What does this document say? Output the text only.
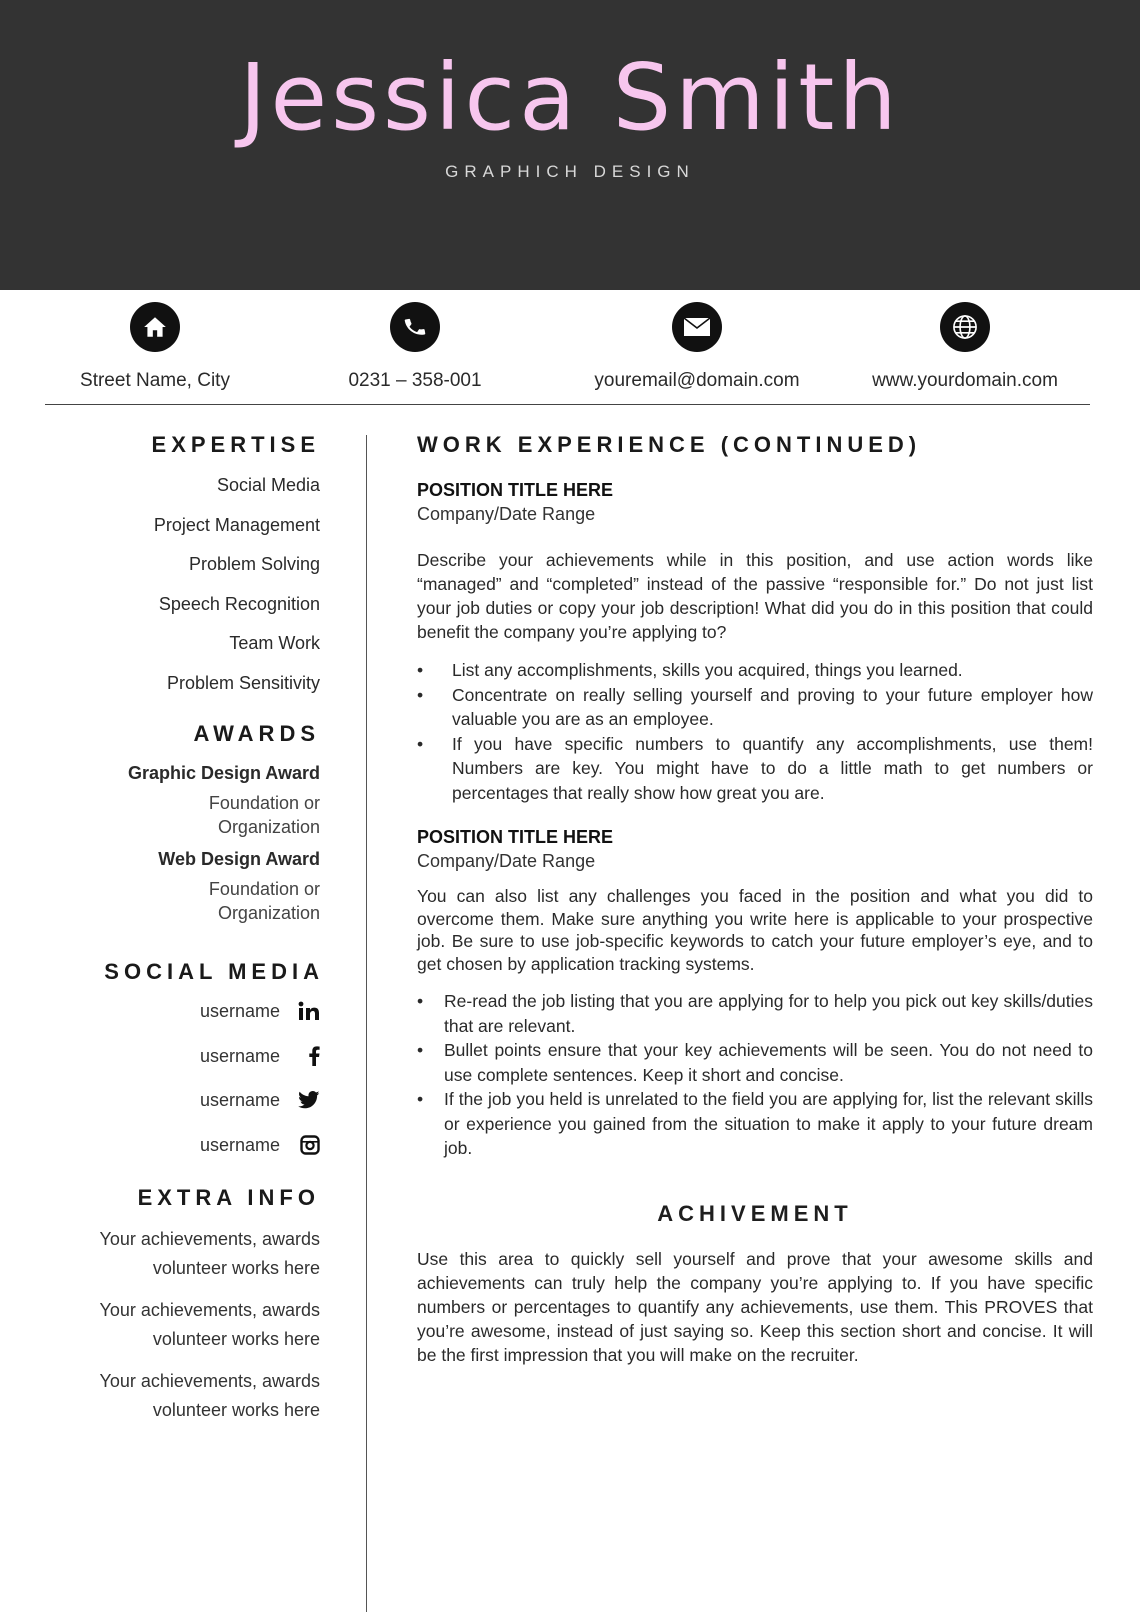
Jessica Smith
GRAPHICH DESIGN
Street Name, City	0231 – 358-001	youremail@domain.com	www.yourdomain.com
EXPERTISE
Social Media
Project Management
Problem Solving
Speech Recognition
Team Work
Problem Sensitivity
AWARDS
Graphic Design Award
Foundation or Organization
Web Design Award
Foundation or Organization
SOCIAL MEDIA
username
username
username
username
EXTRA INFO
Your achievements, awards volunteer works here
Your achievements, awards volunteer works here
Your achievements, awards volunteer works here
WORK EXPERIENCE (CONTINUED)
POSITION TITLE HERE
Company/Date Range
Describe your achievements while in this position, and use action words like “managed” and “completed” instead of the passive “responsible for.” Do not just list your job duties or copy your job description! What did you do in this position that could benefit the company you’re applying to?
• List any accomplishments, skills you acquired, things you learned.
• Concentrate on really selling yourself and proving to your future employer how valuable you are as an employee.
• If you have specific numbers to quantify any accomplishments, use them! Numbers are key. You might have to do a little math to get numbers or percentages that really show how great you are.
POSITION TITLE HERE
Company/Date Range
You can also list any challenges you faced in the position and what you did to overcome them. Make sure anything you write here is applicable to your prospective job. Be sure to use job-specific keywords to catch your future employer’s eye, and to get chosen by application tracking systems.
• Re-read the job listing that you are applying for to help you pick out key skills/duties that are relevant.
• Bullet points ensure that your key achievements will be seen. You do not need to use complete sentences. Keep it short and concise.
• If the job you held is unrelated to the field you are applying for, list the relevant skills or experience you gained from the situation to make it apply to your future dream job.
ACHIVEMENT
Use this area to quickly sell yourself and prove that your awesome skills and achievements can truly help the company you’re applying to. If you have specific numbers or percentages to quantify any achievements, use them. This PROVES that you’re awesome, instead of just saying so. Keep this section short and concise. It will be the first impression that you will make on the recruiter.
